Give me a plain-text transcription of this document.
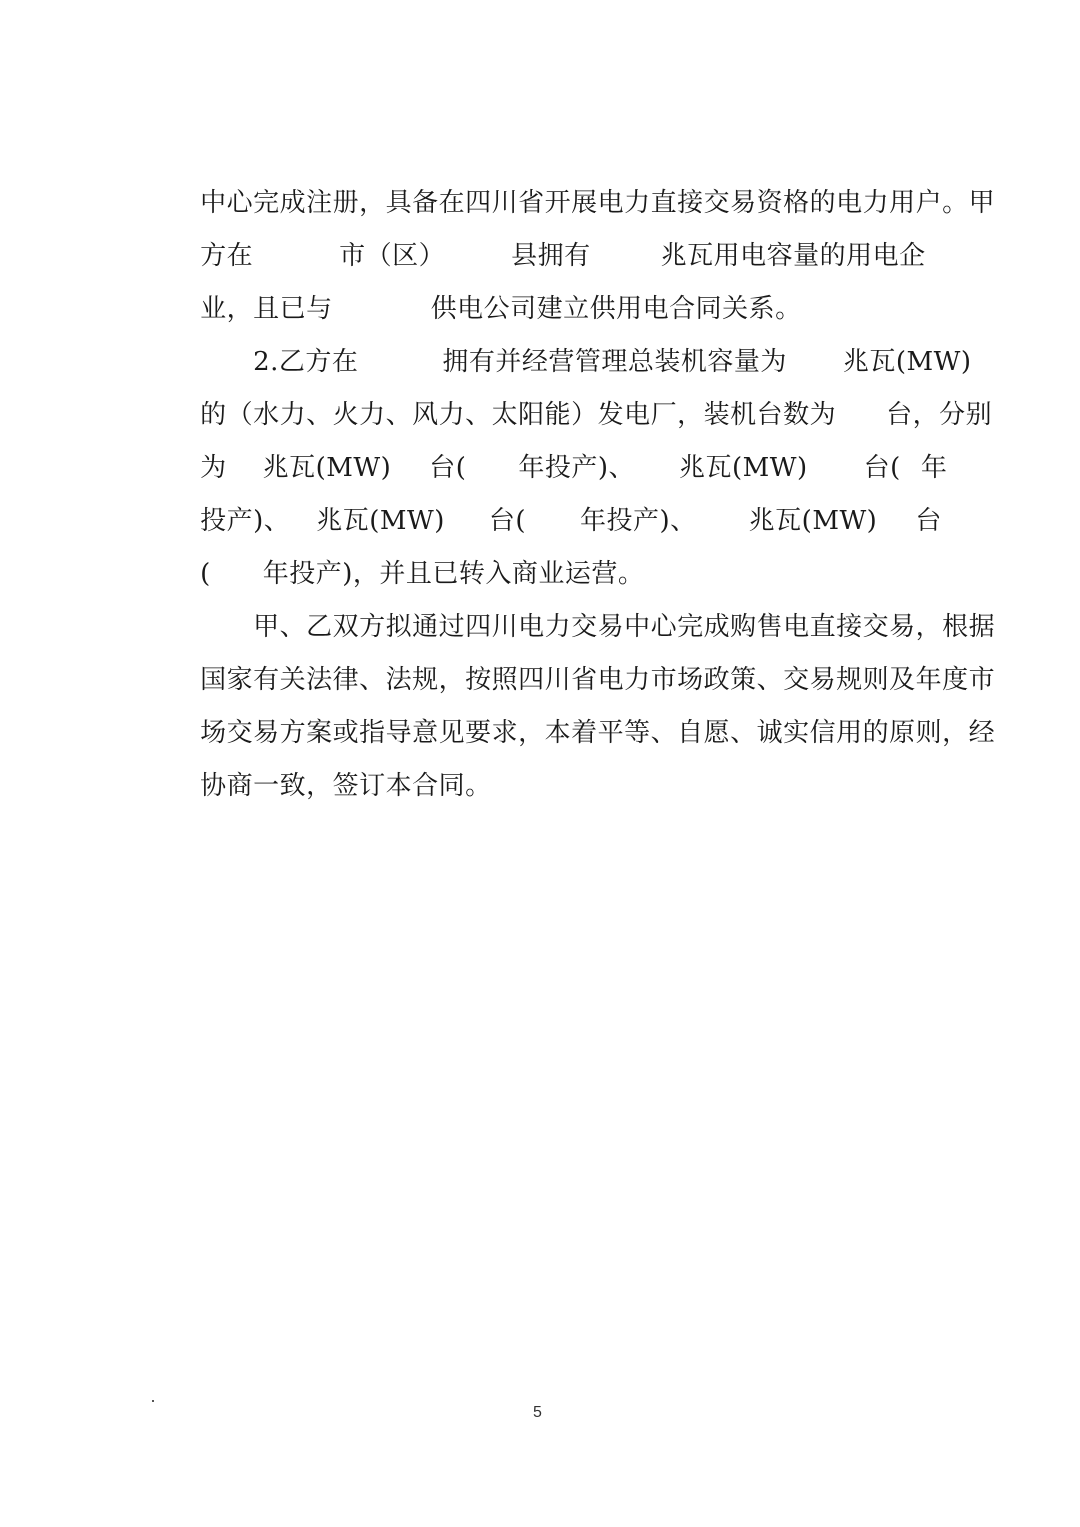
中心完成注册，具备在四川省开展电力直接交易资格的电力用户。甲

方在	市（区）	县拥有	兆瓦用电容量的用电企

业，且已与	供电公司建立供用电合同关系。

2.乙方在	拥有并经营管理总装机容量为 兆瓦(MW)

的（水力、火力、风力、太阳能）发电厂，装机台数为 台，分别

为 兆瓦(MW) 台( 年投产)、 兆瓦(MW) 台( 年

投产)、 兆瓦(MW) 台( 年投产)、 兆瓦(MW) 台

( 年投产)，并且已转入商业运营。

甲、乙双方拟通过四川电力交易中心完成购售电直接交易，根据

国家有关法律、法规，按照四川省电力市场政策、交易规则及年度市

场交易方案或指导意见要求，本着平等、自愿、诚实信用的原则，经

协商一致，签订本合同。

5
